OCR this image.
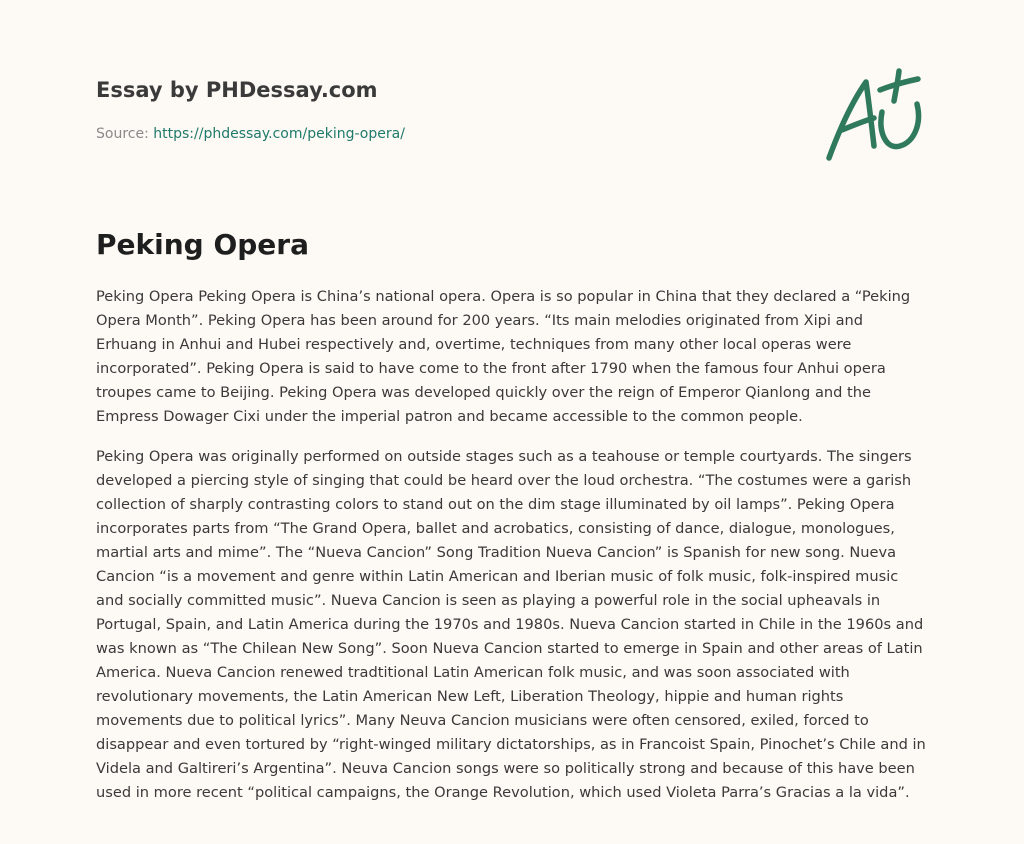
Essay by PHDessay.com
Source: https://phdessay.com/peking-opera/
Peking Opera

Peking Opera Peking Opera is China’s national opera. Opera is so popular in China that they declared a “Peking Opera Month”. Peking Opera has been around for 200 years. “Its main melodies originated from Xipi and Erhuang in Anhui and Hubei respectively and, overtime, techniques from many other local operas were incorporated”. Peking Opera is said to have come to the front after 1790 when the famous four Anhui opera troupes came to Beijing. Peking Opera was developed quickly over the reign of Emperor Qianlong and the Empress Dowager Cixi under the imperial patron and became accessible to the common people.

Peking Opera was originally performed on outside stages such as a teahouse or temple courtyards. The singers developed a piercing style of singing that could be heard over the loud orchestra. “The costumes were a garish collection of sharply contrasting colors to stand out on the dim stage illuminated by oil lamps”. Peking Opera incorporates parts from “The Grand Opera, ballet and acrobatics, consisting of dance, dialogue, monologues, martial arts and mime”. The “Nueva Cancion” Song Tradition Nueva Cancion” is Spanish for new song. Nueva Cancion “is a movement and genre within Latin American and Iberian music of folk music, folk-inspired music and socially committed music”. Nueva Cancion is seen as playing a powerful role in the social upheavals in Portugal, Spain, and Latin America during the 1970s and 1980s. Nueva Cancion started in Chile in the 1960s and was known as “The Chilean New Song”. Soon Nueva Cancion started to emerge in Spain and other areas of Latin America. Nueva Cancion renewed tradtitional Latin American folk music, and was soon associated with revolutionary movements, the Latin American New Left, Liberation Theology, hippie and human rights movements due to political lyrics”. Many Neuva Cancion musicians were often censored, exiled, forced to disappear and even tortured by “right-winged military dictatorships, as in Francoist Spain, Pinochet’s Chile and in Videla and Galtireri’s Argentina”. Neuva Cancion songs were so politically strong and because of this have been used in more recent “political campaigns, the Orange Revolution, which used Violeta Parra’s Gracias a la vida”.
